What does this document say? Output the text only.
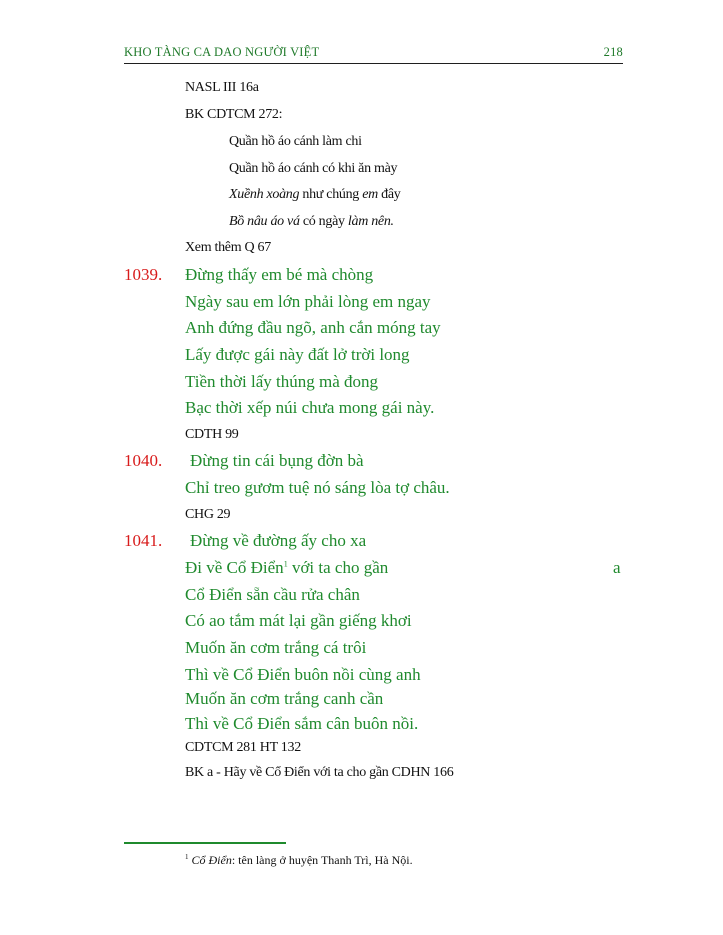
KHO TÀNG CA DAO NGƯỜI VIỆT	218
NASL III 16a
BK CDTCM 272:
Quần hồ áo cánh làm chi
Quần hồ áo cánh có khi ăn mày
Xuềnh xoàng như chúng em đây
Bồ nâu áo vá có ngày làm nên.
Xem thêm Q 67
1039. Đừng thấy em bé mà chòng
Ngày sau em lớn phải lòng em ngay
Anh đứng đầu ngõ, anh cắn móng tay
Lấy được gái này đất lở trời long
Tiền thời lấy thúng mà đong
Bạc thời xếp núi chưa mong gái này.
CDTH 99
1040. Đừng tin cái bụng đờn bà
Chỉ treo gươm tuệ nó sáng lòa tợ châu.
CHG 29
1041. Đừng về đường ấy cho xa
Đi về Cổ Điển$^1$ với ta cho gần	a
Cổ Điển sẵn cầu rửa chân
Có ao tắm mát lại gần giếng khơi
Muốn ăn cơm trắng cá trôi
Thì về Cổ Điển buôn nồi cùng anh
Muốn ăn cơm trắng canh cần
Thì về Cổ Điển sắm cân buôn nồi.
CDTCM 281 HT 132
BK a - Hãy về Cổ Điển với ta cho gần CDHN 166
$^1$ Cổ Điển: tên làng ở huyện Thanh Trì, Hà Nội.
